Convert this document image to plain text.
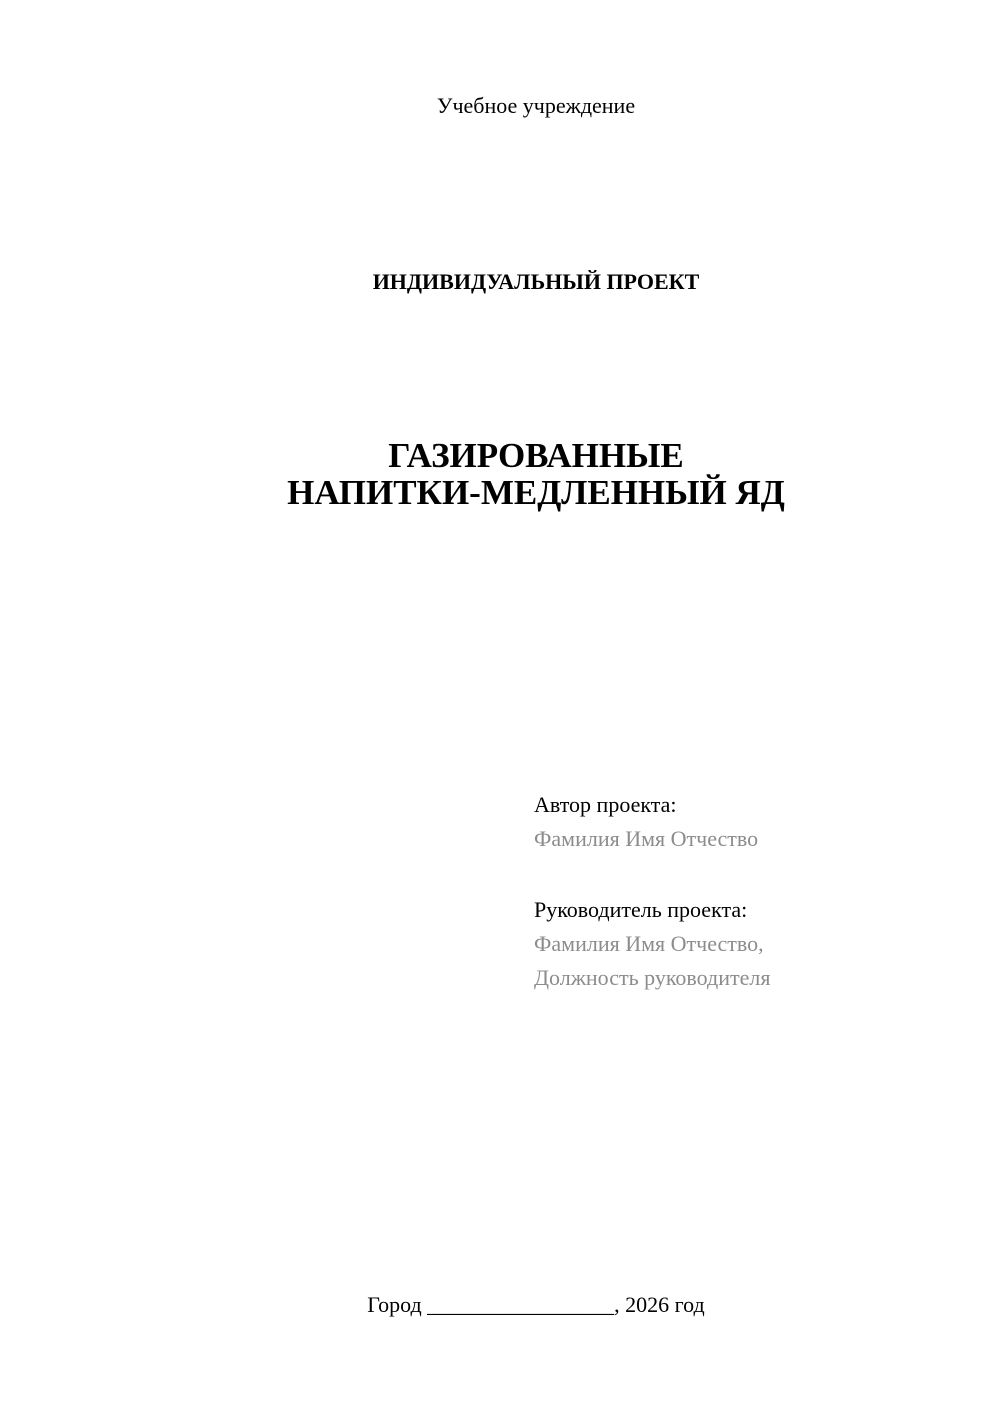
Учебное учреждение
ИНДИВИДУАЛЬНЫЙ ПРОЕКТ
ГАЗИРОВАННЫЕ
НАПИТКИ-МЕДЛЕННЫЙ ЯД
Автор проекта:
Фамилия Имя Отчество
Руководитель проекта:
Фамилия Имя Отчество,
Должность руководителя
Город _________________, 2026 год
